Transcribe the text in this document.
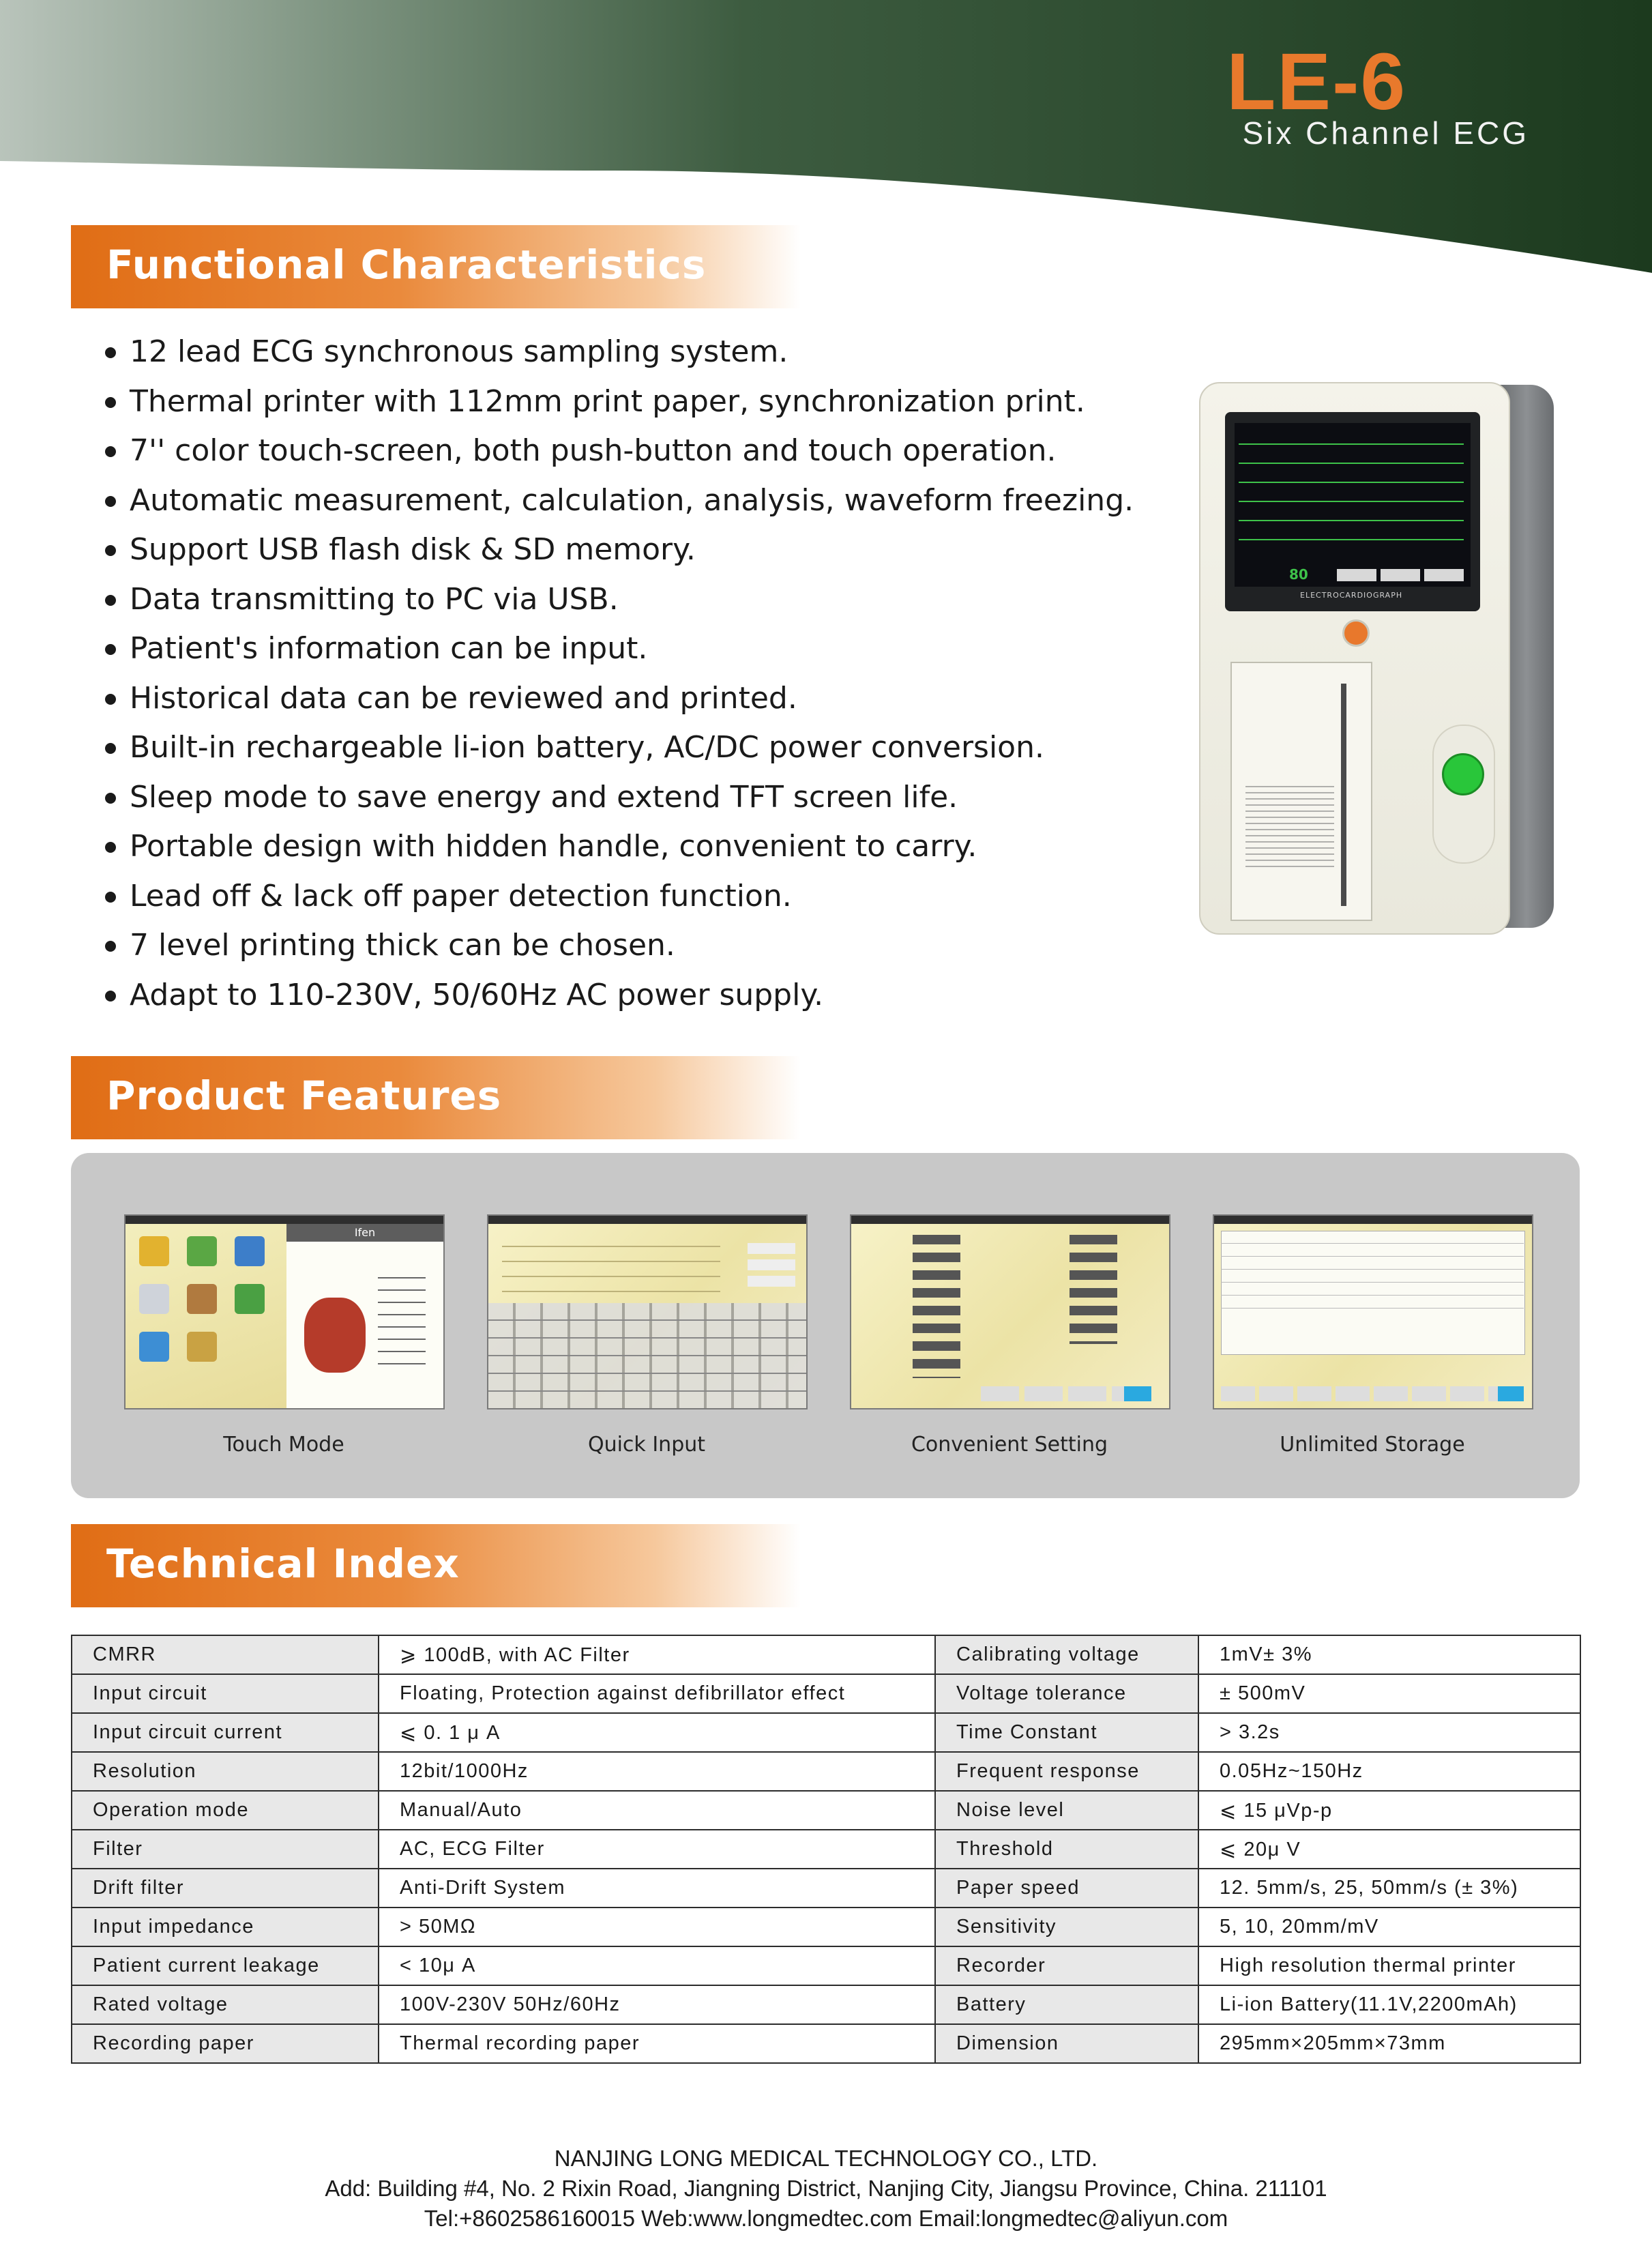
LE-6
Six Channel ECG
Functional Characteristics
12 lead ECG synchronous sampling system.
Thermal printer with 112mm print paper, synchronization print.
7'' color touch-screen, both push-button and touch operation.
Automatic measurement, calculation, analysis, waveform freezing.
Support USB flash disk & SD memory.
Data transmitting to PC via USB.
Patient's information can be input.
Historical data can be reviewed and printed.
Built-in rechargeable li-ion battery, AC/DC power conversion.
Sleep mode to save energy and extend TFT screen life.
Portable design with hidden handle, convenient to carry.
Lead off & lack off paper detection function.
7 level printing thick can be chosen.
Adapt to 110-230V, 50/60Hz AC power supply.
80
ELECTROCARDIOGRAPH
Product Features
Ifen
Touch Mode	Quick Input	Convenient Setting	Unlimited Storage
Technical Index
CMRR	⩾ 100dB, with AC Filter	Calibrating voltage	1mV± 3%
Input circuit	Floating, Protection against defibrillator effect	Voltage tolerance	± 500mV
Input circuit current	⩽ 0. 1 μ A	Time Constant	> 3.2s
Resolution	12bit/1000Hz	Frequent response	0.05Hz~150Hz
Operation mode	Manual/Auto	Noise level	⩽ 15 μVp-p
Filter	AC, ECG Filter	Threshold	⩽ 20μ V
Drift filter	Anti-Drift System	Paper speed	12. 5mm/s, 25, 50mm/s (± 3%)
Input impedance	> 50MΩ	Sensitivity	5, 10, 20mm/mV
Patient current leakage	< 10μ A	Recorder	High resolution thermal printer
Rated voltage	100V-230V 50Hz/60Hz	Battery	Li-ion Battery(11.1V,2200mAh)
Recording paper	Thermal recording paper	Dimension	295mm×205mm×73mm
NANJING LONG MEDICAL TECHNOLOGY CO., LTD.
Add: Building #4, No. 2 Rixin Road, Jiangning District, Nanjing City, Jiangsu Province, China. 211101
Tel:+8602586160015 Web:www.longmedtec.com Email:longmedtec@aliyun.com
